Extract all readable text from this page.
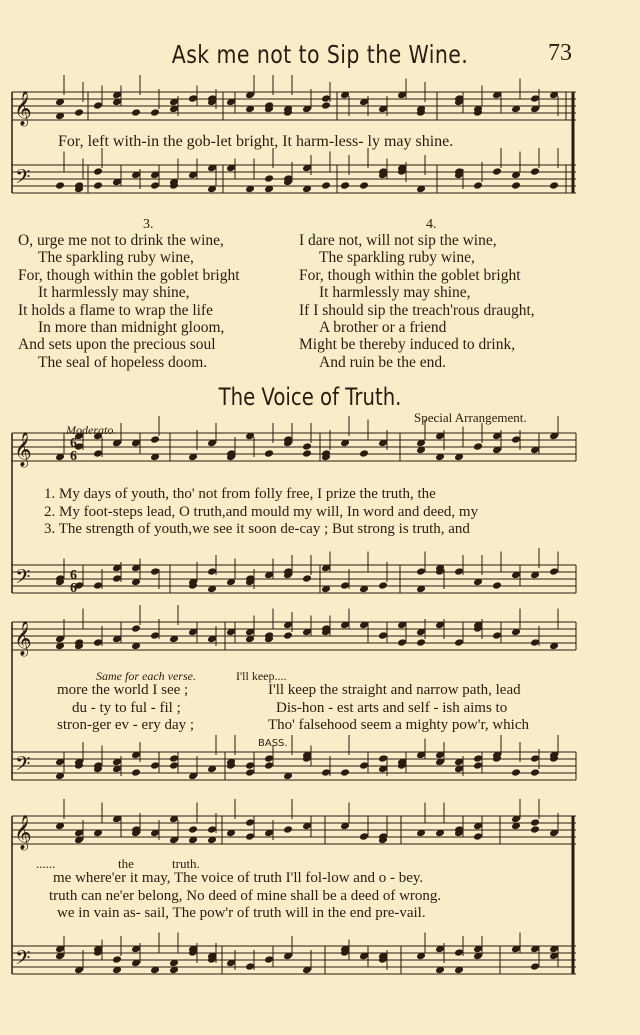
Ask me not to Sip the Wine.	73
𝄞
𝄢
𝄞
𝄢
𝄞
𝄢
𝄞
𝄢
6
6
6
6
For, left with-in the gob-let bright, It harm-less- ly may shine.
3.	4.
O, urge me not to drink the wine,
The sparkling ruby wine,
For, though within the goblet bright
It harmlessly may shine,
It holds a flame to wrap the life
In more than midnight gloom,
And sets upon the precious soul
The seal of hopeless doom.
I dare not, will not sip the wine,
The sparkling ruby wine,
For, though within the goblet bright
It harmlessly may shine,
If I should sip the treach'rous draught,
A brother or a friend
Might be thereby induced to drink,
And ruin be the end.
The Voice of Truth.
Special Arrangement.
Moderato.
1. My days of youth, tho' not from folly free, I prize the truth, the
2. My foot-steps lead, O truth,and mould my will, In word and deed, my
3. The strength of youth,we see it soon de-cay ; But strong is truth, and
Same for each verse.	I'll keep....
more the world I see ;
du - ty to ful - fil ;
stron-ger ev - ery day ;
I'll keep the straight and narrow path, lead
Dis-hon - est arts and self - ish aims to
Tho' falsehood seem a mighty pow'r, which
BASS.
......	the	truth.
me where'er it may, The voice of truth I'll fol-low and o - bey.
truth can ne'er belong, No deed of mine shall be a deed of wrong.
we in vain as- sail, The pow'r of truth will in the end pre-vail.
